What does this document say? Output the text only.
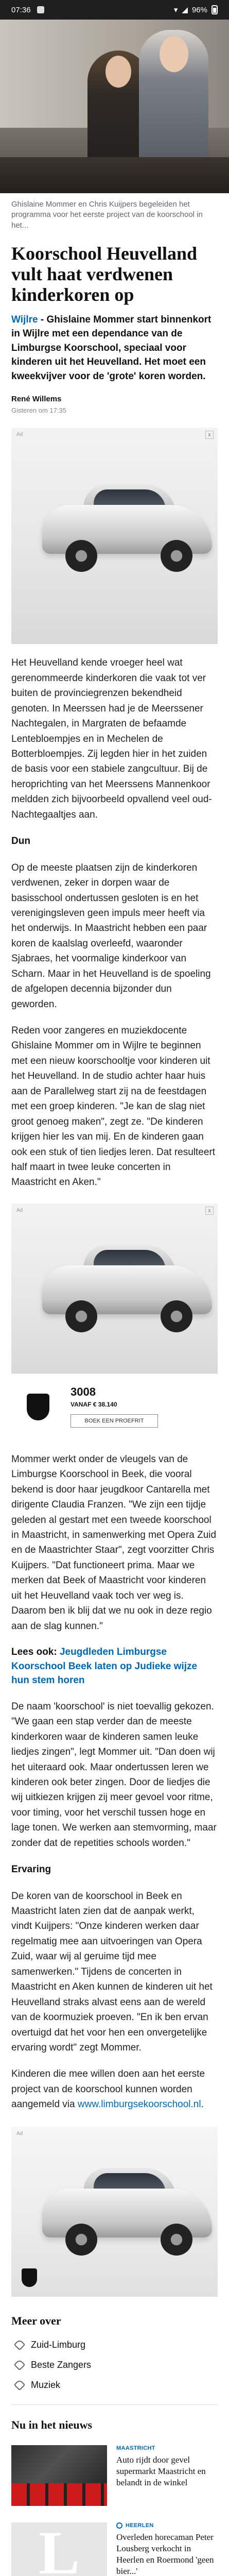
07:36	▾ ◢ 96%
Ghislaine Mommer en Chris Kuijpers begeleiden het programma voor het eerste project van de koorschool in het...
Koorschool Heuvelland vult haat verdwenen kinderkoren op

Wijlre - Ghislaine Mommer start binnenkort in Wijlre met een dependance van de Limburgse Koorschool, speciaal voor kinderen uit het Heuvelland. Het moet een kweekvijver voor de 'grote' koren worden.

René Willems
Gisteren om 17:35
Ad	x

Het Heuvelland kende vroeger heel wat gerenommeerde kinderkoren die vaak tot ver buiten de provinciegrenzen bekendheid genoten. In Meerssen had je de Meerssener Nachtegalen, in Margraten de befaamde Lentebloempjes en in Mechelen de Botterbloempjes. Zij legden hier in het zuiden de basis voor een stabiele zangcultuur. Bij de heroprichting van het Meerssens Mannenkoor meldden zich bijvoorbeeld opvallend veel oud-Nachtegaaltjes aan.

Dun

Op de meeste plaatsen zijn de kinderkoren verdwenen, zeker in dorpen waar de basisschool ondertussen gesloten is en het verenigingsleven geen impuls meer heeft via het onderwijs. In Maastricht hebben een paar koren de kaalslag overleefd, waaronder Sjabraes, het voormalige kinderkoor van Scharn. Maar in het Heuvelland is de spoeling de afgelopen decennia bijzonder dun geworden.

Reden voor zangeres en muziekdocente Ghislaine Mommer om in Wijlre te beginnen met een nieuw koorschooltje voor kinderen uit het Heuvelland. In de studio achter haar huis aan de Parallelweg start zij na de feestdagen met een groep kinderen. "Je kan de slag niet groot genoeg maken", zegt ze. "De kinderen krijgen hier les van mij. En de kinderen gaan ook een stuk of tien liedjes leren. Dat resulteert half maart in twee leuke concerten in Maastricht en Aken."

Ad	x
3008
VANAF € 38.140
BOEK EEN PROEFRIT

Mommer werkt onder de vleugels van de Limburgse Koorschool in Beek, die vooral bekend is door haar jeugdkoor Cantarella met dirigente Claudia Franzen. "We zijn een tijdje geleden al gestart met een tweede koorschool in Maastricht, in samenwerking met Opera Zuid en de Maastrichter Staar", zegt voorzitter Chris Kuijpers. "Dat functioneert prima. Maar we merken dat Beek of Maastricht voor kinderen uit het Heuvelland vaak toch ver weg is. Daarom ben ik blij dat we nu ook in deze regio aan de slag kunnen."

Lees ook: Jeugdleden Limburgse Koorschool Beek laten op Judieke wijze hun stem horen

De naam 'koorschool' is niet toevallig gekozen. "We gaan een stap verder dan de meeste kinderkoren waar de kinderen samen leuke liedjes zingen", legt Mommer uit. "Dan doen wij het uiteraard ook. Maar ondertussen leren we kinderen ook beter zingen. Door de liedjes die wij uitkiezen krijgen zij meer gevoel voor ritme, voor timing, voor het verschil tussen hoge en lage tonen. We werken aan stemvorming, maar zonder dat de repetities schools worden."

Ervaring

De koren van de koorschool in Beek en Maastricht laten zien dat de aanpak werkt, vindt Kuijpers: "Onze kinderen werken daar regelmatig mee aan uitvoeringen van Opera Zuid, waar wij al geruime tijd mee samenwerken." Tijdens de concerten in Maastricht en Aken kunnen de kinderen uit het Heuvelland straks alvast eens aan de wereld van de koormuziek proeven. "En ik ben ervan overtuigd dat het voor hen een onvergetelijke ervaring wordt" zegt Mommer.

Kinderen die mee willen doen aan het eerste project van de koorschool kunnen worden aangemeld via www.limburgsekoorschool.nl.

Ad
Meer over
Zuid-Limburg
Beste Zangers
Muziek
Nu in het nieuws
MAASTRICHT
Auto rijdt door gevel supermarkt Maastricht en belandt in de winkel
L	HEERLEN
Overleden horecaman Peter Lousberg verkocht in Heerlen en Roermond 'geen bier...'
